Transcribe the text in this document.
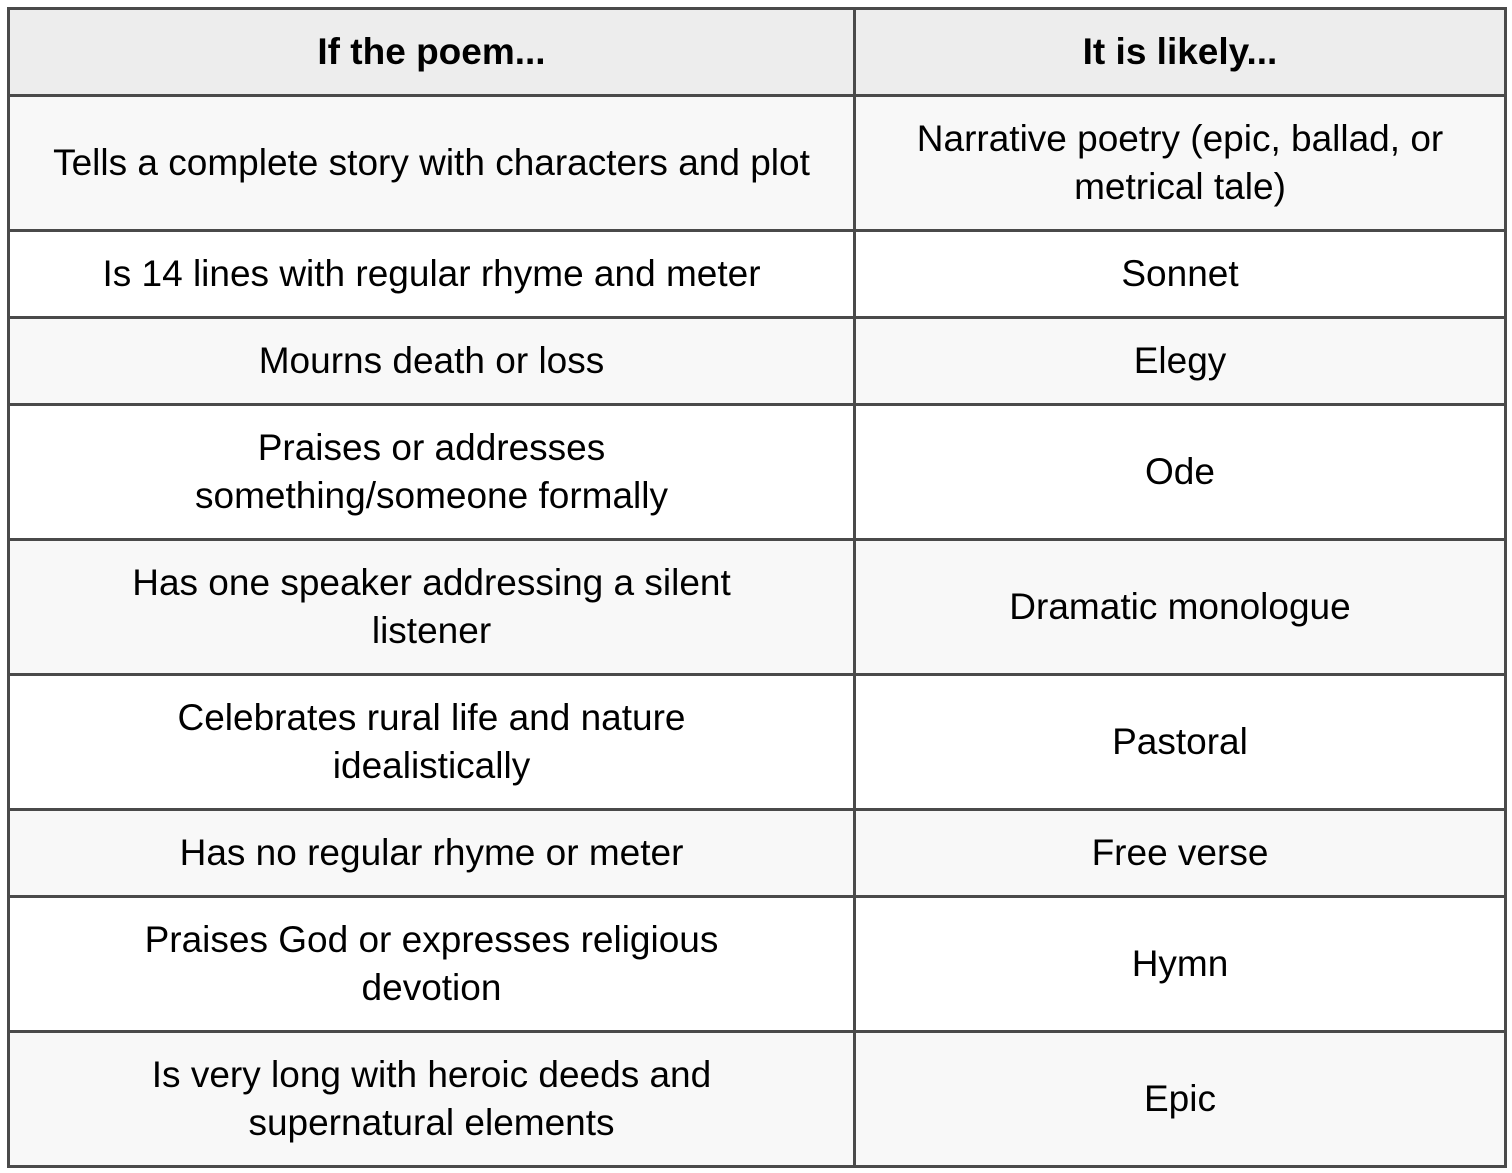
If the poem...	It is likely...
Tells a complete story with characters and plot	Narrative poetry (epic, ballad, or metrical tale)
Is 14 lines with regular rhyme and meter	Sonnet
Mourns death or loss	Elegy
Praises or addresses something/someone formally	Ode
Has one speaker addressing a silent listener	Dramatic monologue
Celebrates rural life and nature idealistically	Pastoral
Has no regular rhyme or meter	Free verse
Praises God or expresses religious devotion	Hymn
Is very long with heroic deeds and supernatural elements	Epic
